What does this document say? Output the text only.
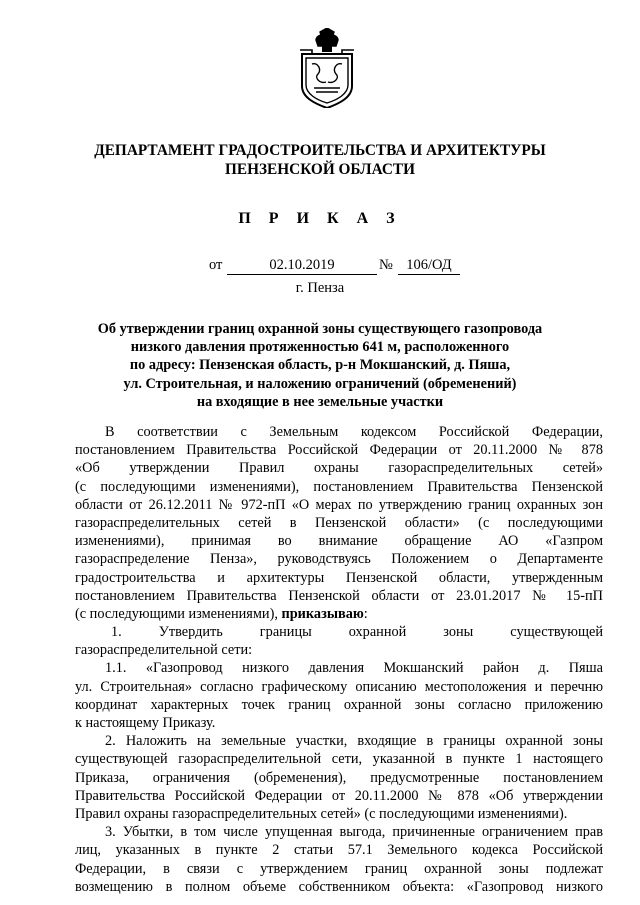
ДЕПАРТАМЕНТ ГРАДОСТРОИТЕЛЬСТВА И АРХИТЕКТУРЫ
ПЕНЗЕНСКОЙ ОБЛАСТИ
П Р И К А З
от	02.10.2019	№ 106/ОД
г. Пенза
Об утверждении границ охранной зоны существующего газопровода
низкого давления протяженностью 641 м, расположенного
по адресу: Пензенская область, р-н Мокшанский, д. Пяша,
ул. Строительная, и наложению ограничений (обременений)
на входящие в нее земельные участки
В соответствии с Земельным кодексом Российской Федерации,
постановлением Правительства Российской Федерации от 20.11.2000 № 878
«Об утверждении Правил охраны газораспределительных сетей»
(с последующими изменениями), постановлением Правительства Пензенской
области от 26.12.2011 № 972-пП «О мерах по утверждению границ охранных зон
газораспределительных сетей в Пензенской области» (с последующими
изменениями), принимая во внимание обращение АО «Газпром
газораспределение Пенза», руководствуясь Положением о Департаменте
градостроительства и архитектуры Пензенской области, утвержденным
постановлением Правительства Пензенской области от 23.01.2017 № 15-пП
(с последующими изменениями), приказываю:
1. Утвердить границы охранной зоны существующей
газораспределительной сети:
1.1. «Газопровод низкого давления Мокшанский район д. Пяша
ул. Строительная» согласно графическому описанию местоположения и перечню
координат характерных точек границ охранной зоны согласно приложению
к настоящему Приказу.
2. Наложить на земельные участки, входящие в границы охранной зоны
существующей газораспределительной сети, указанной в пункте 1 настоящего
Приказа, ограничения (обременения), предусмотренные постановлением
Правительства Российской Федерации от 20.11.2000 № 878 «Об утверждении
Правил охраны газораспределительных сетей» (с последующими изменениями).
3. Убытки, в том числе упущенная выгода, причиненные ограничением прав
лиц, указанных в пункте 2 статьи 57.1 Земельного кодекса Российской
Федерации, в связи с утверждением границ охранной зоны подлежат
возмещению в полном объеме собственником объекта: «Газопровод низкого
